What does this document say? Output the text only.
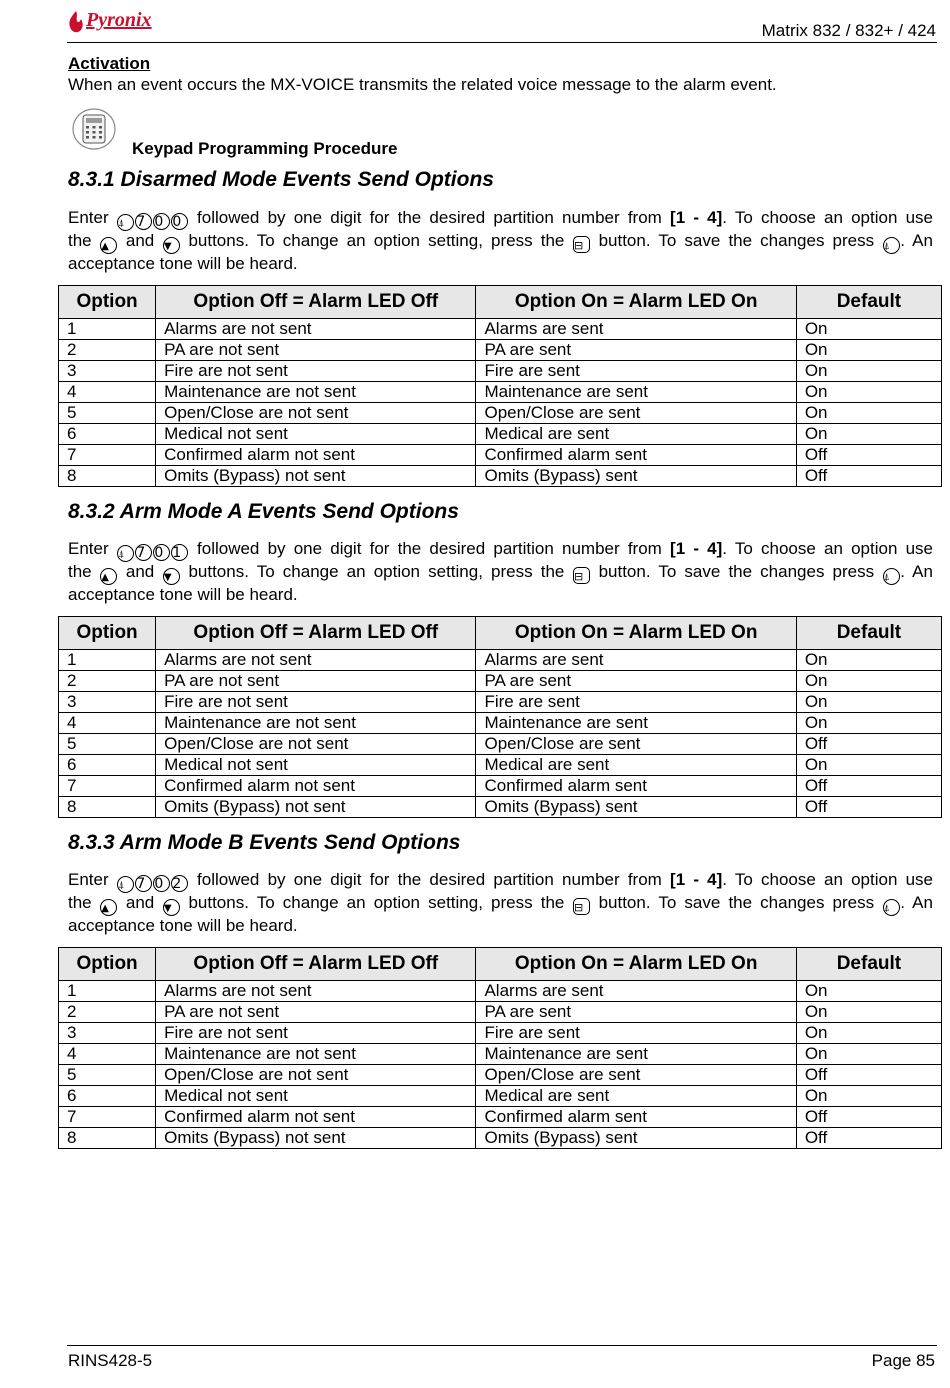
Pyronix	Matrix 832 / 832+ / 424
Activation
When an event occurs the MX-VOICE transmits the related voice message to the alarm event.
Keypad Programming Procedure
8.3.1 Disarmed Mode Events Send Options
Enter ⍋ 7 0 0 followed by one digit for the desired partition number from [1 - 4]. To choose an option use
the ▲ and ▼ buttons. To change an option setting, press the ⊟ button. To save the changes press ⍋ . An
acceptance tone will be heard.
Option	Option Off = Alarm LED Off	Option On = Alarm LED On	Default
1	Alarms are not sent	Alarms are sent	On
2	PA are not sent	PA are sent	On
3	Fire are not sent	Fire are sent	On
4	Maintenance are not sent	Maintenance are sent	On
5	Open/Close are not sent	Open/Close are sent	On
6	Medical not sent	Medical are sent	On
7	Confirmed alarm not sent	Confirmed alarm sent	Off
8	Omits (Bypass) not sent	Omits (Bypass) sent	Off
8.3.2 Arm Mode A Events Send Options
Enter ⍋ 7 0 1 followed by one digit for the desired partition number from [1 - 4]. To choose an option use
the ▲ and ▼ buttons. To change an option setting, press the ⊟ button. To save the changes press ⍋ . An
acceptance tone will be heard.
Option	Option Off = Alarm LED Off	Option On = Alarm LED On	Default
1	Alarms are not sent	Alarms are sent	On
2	PA are not sent	PA are sent	On
3	Fire are not sent	Fire are sent	On
4	Maintenance are not sent	Maintenance are sent	On
5	Open/Close are not sent	Open/Close are sent	Off
6	Medical not sent	Medical are sent	On
7	Confirmed alarm not sent	Confirmed alarm sent	Off
8	Omits (Bypass) not sent	Omits (Bypass) sent	Off
8.3.3 Arm Mode B Events Send Options
Enter ⍋ 7 0 2 followed by one digit for the desired partition number from [1 - 4]. To choose an option use
the ▲ and ▼ buttons. To change an option setting, press the ⊟ button. To save the changes press ⍋ . An
acceptance tone will be heard.
Option	Option Off = Alarm LED Off	Option On = Alarm LED On	Default
1	Alarms are not sent	Alarms are sent	On
2	PA are not sent	PA are sent	On
3	Fire are not sent	Fire are sent	On
4	Maintenance are not sent	Maintenance are sent	On
5	Open/Close are not sent	Open/Close are sent	Off
6	Medical not sent	Medical are sent	On
7	Confirmed alarm not sent	Confirmed alarm sent	Off
8	Omits (Bypass) not sent	Omits (Bypass) sent	Off
RINS428-5	Page 85
